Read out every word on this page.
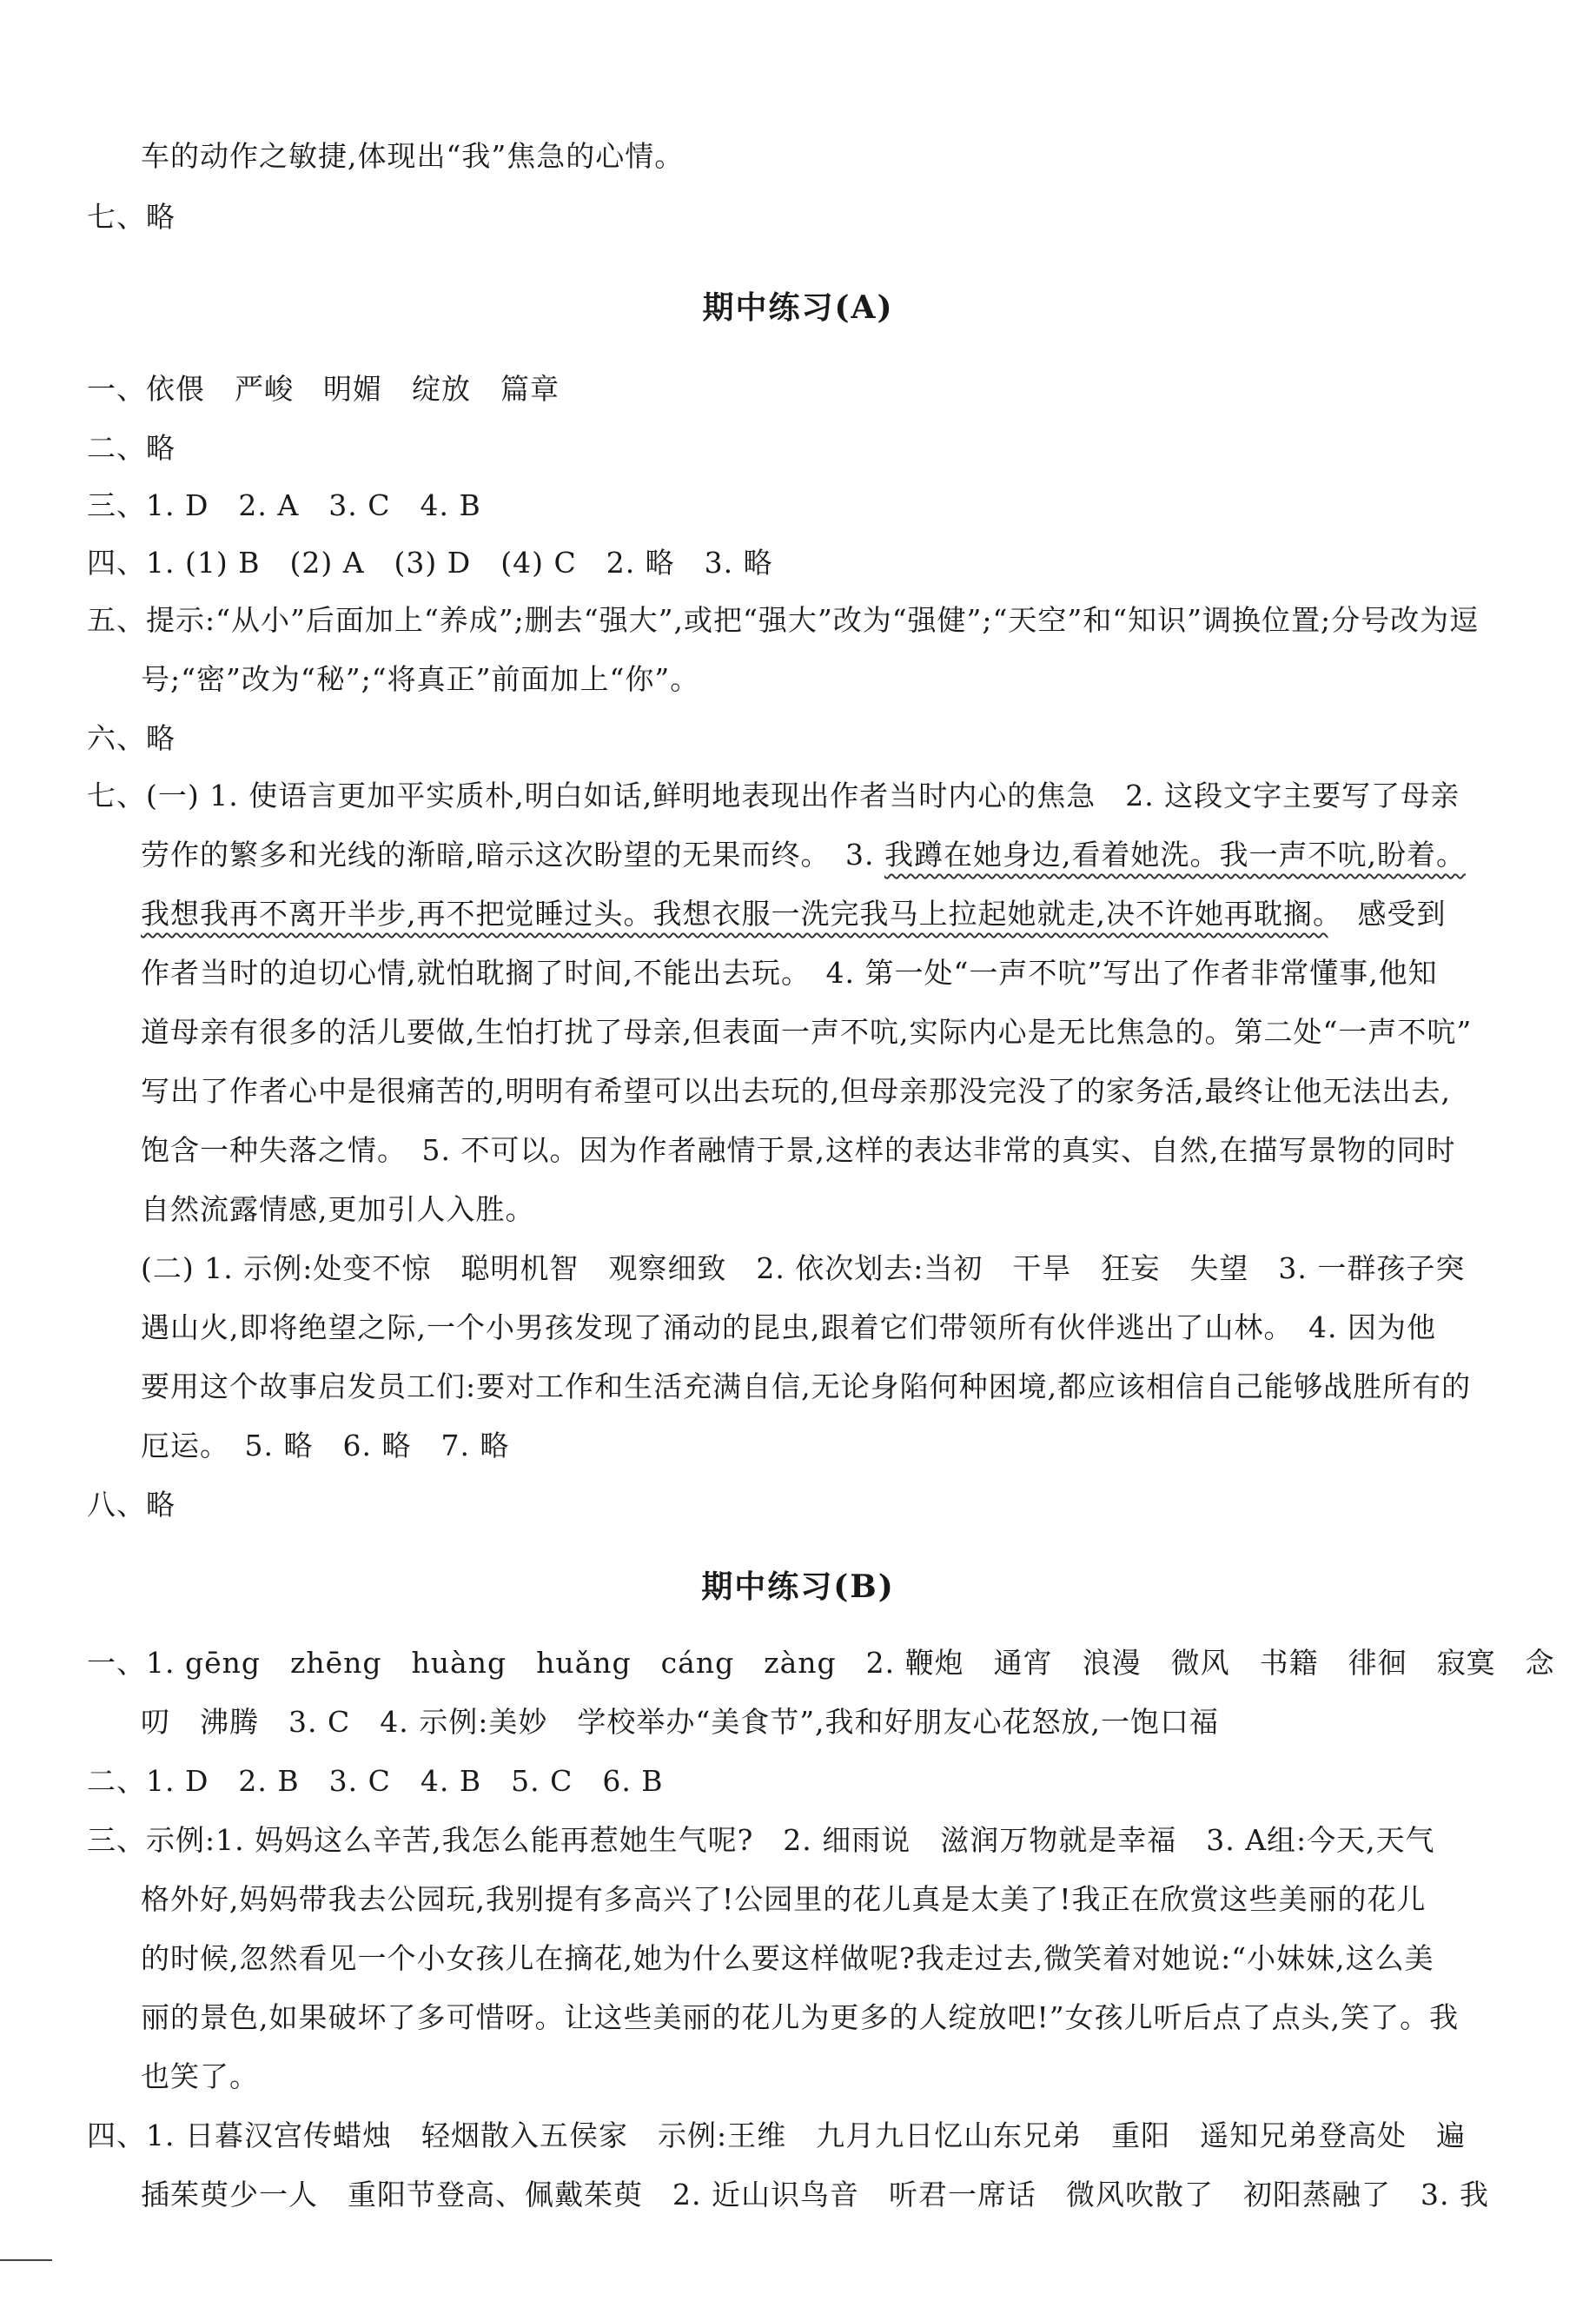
车的动作之敏捷,体现出“我”焦急的心情。
七、略
期中练习(A)
一、依偎　严峻　明媚　绽放　篇章
二、略
三、1. D　2. A　3. C　4. B
四、1. (1) B　(2) A　(3) D　(4) C　2. 略　3. 略
五、提示:“从小”后面加上“养成”;删去“强大”,或把“强大”改为“强健”;“天空”和“知识”调换位置;分号改为逗
号;“密”改为“秘”;“将真正”前面加上“你”。
六、略
七、(一) 1. 使语言更加平实质朴,明白如话,鲜明地表现出作者当时内心的焦急　2. 这段文字主要写了母亲
劳作的繁多和光线的渐暗,暗示这次盼望的无果而终。　3. 我蹲在她身边,看着她洗。我一声不吭,盼着。
我想我再不离开半步,再不把觉睡过头。我想衣服一洗完我马上拉起她就走,决不许她再耽搁。　感受到
作者当时的迫切心情,就怕耽搁了时间,不能出去玩。　4. 第一处“一声不吭”写出了作者非常懂事,他知
道母亲有很多的活儿要做,生怕打扰了母亲,但表面一声不吭,实际内心是无比焦急的。第二处“一声不吭”
写出了作者心中是很痛苦的,明明有希望可以出去玩的,但母亲那没完没了的家务活,最终让他无法出去,
饱含一种失落之情。　5. 不可以。因为作者融情于景,这样的表达非常的真实、自然,在描写景物的同时
自然流露情感,更加引人入胜。
(二) 1. 示例:处变不惊　聪明机智　观察细致　2. 依次划去:当初　干旱　狂妄　失望　3. 一群孩子突
遇山火,即将绝望之际,一个小男孩发现了涌动的昆虫,跟着它们带领所有伙伴逃出了山林。　4. 因为他
要用这个故事启发员工们:要对工作和生活充满自信,无论身陷何种困境,都应该相信自己能够战胜所有的
厄运。　5. 略　6. 略　7. 略
八、略
期中练习(B)
一、1. gēng　zhēng　huàng　huǎng　cáng　zàng　2. 鞭炮　通宵　浪漫　微风　书籍　徘徊　寂寞　念
叨　沸腾　3. C　4. 示例:美妙　学校举办“美食节”,我和好朋友心花怒放,一饱口福
二、1. D　2. B　3. C　4. B　5. C　6. B
三、示例:1. 妈妈这么辛苦,我怎么能再惹她生气呢?　2. 细雨说　滋润万物就是幸福　3. A组:今天,天气
格外好,妈妈带我去公园玩,我别提有多高兴了!公园里的花儿真是太美了!我正在欣赏这些美丽的花儿
的时候,忽然看见一个小女孩儿在摘花,她为什么要这样做呢?我走过去,微笑着对她说:“小妹妹,这么美
丽的景色,如果破坏了多可惜呀。让这些美丽的花儿为更多的人绽放吧!”女孩儿听后点了点头,笑了。我
也笑了。
四、1. 日暮汉宫传蜡烛　轻烟散入五侯家　示例:王维　九月九日忆山东兄弟　重阳　遥知兄弟登高处　遍
插茱萸少一人　重阳节登高、佩戴茱萸　2. 近山识鸟音　听君一席话　微风吹散了　初阳蒸融了　3. 我
